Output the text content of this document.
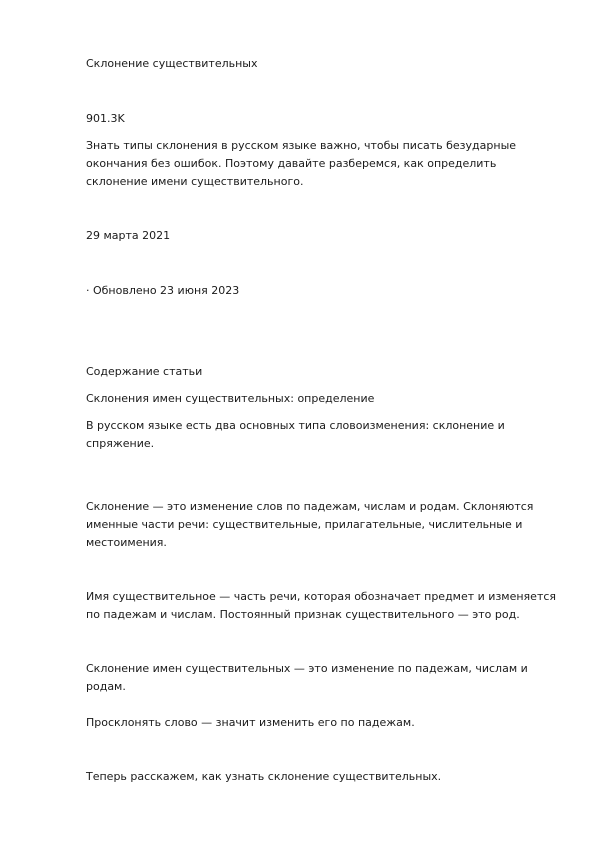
Склонение существительных

901.3K

Знать типы склонения в русском языке важно, чтобы писать безударные окончания без ошибок. Поэтому давайте разберемся, как определить склонение имени существительного.

29 марта 2021

· Обновлено 23 июня 2023

Содержание статьи

Склонения имен существительных: определение

В русском языке есть два основных типа словоизменения: склонение и спряжение.

Склонение — это изменение слов по падежам, числам и родам. Склоняются именные части речи: существительные, прилагательные, числительные и местоимения.

Имя существительное — часть речи, которая обозначает предмет и изменяется по падежам и числам. Постоянный признак существительного — это род.

Склонение имен существительных — это изменение по падежам, числам и родам.

Просклонять слово — значит изменить его по падежам.

Теперь расскажем, как узнать склонение существительных.
